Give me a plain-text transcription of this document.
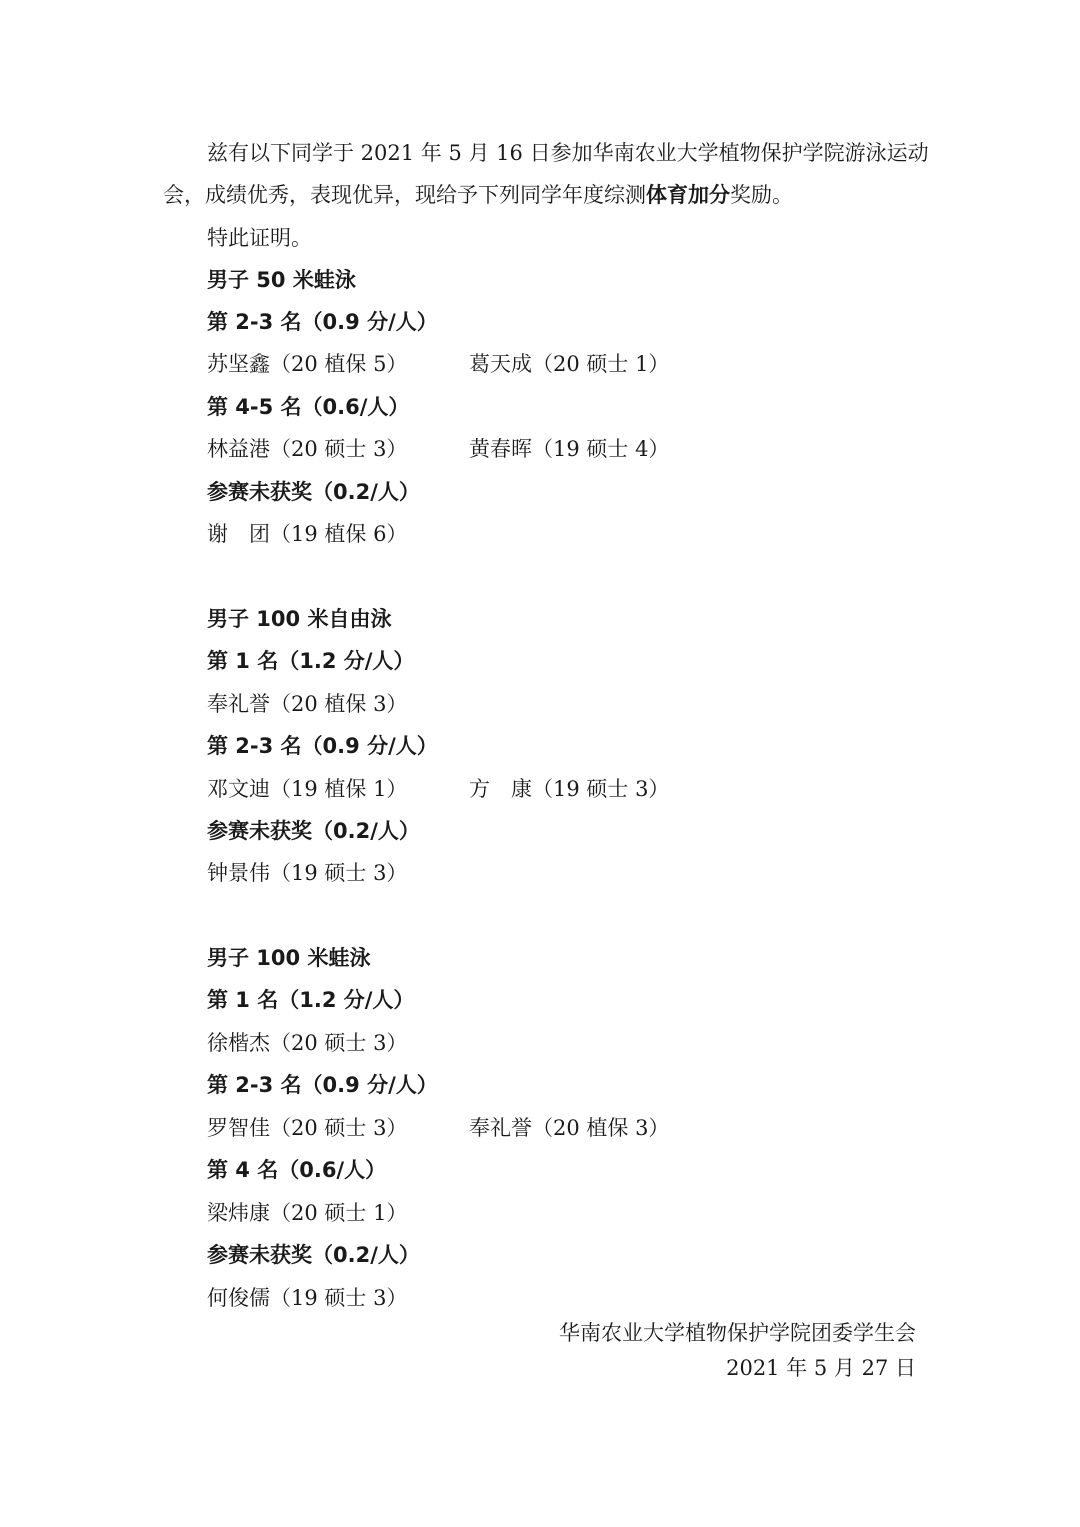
兹有以下同学于 2021 年 5 月 16 日参加华南农业大学植物保护学院游泳运动
会，成绩优秀，表现优异，现给予下列同学年度综测体育加分奖励。
特此证明。
男子 50 米蛙泳
第 2-3 名（0.9 分/人）
苏坚鑫（20 植保 5）	葛天成（20 硕士 1）
第 4-5 名（0.6/人）
林益港（20 硕士 3）	黄春晖（19 硕士 4）
参赛未获奖（0.2/人）
谢　团（19 植保 6）
男子 100 米自由泳
第 1 名（1.2 分/人）
奉礼誉（20 植保 3）
第 2-3 名（0.9 分/人）
邓文迪（19 植保 1）	方　康（19 硕士 3）
参赛未获奖（0.2/人）
钟景伟（19 硕士 3）
男子 100 米蛙泳
第 1 名（1.2 分/人）
徐楷杰（20 硕士 3）
第 2-3 名（0.9 分/人）
罗智佳（20 硕士 3）	奉礼誉（20 植保 3）
第 4 名（0.6/人）
梁炜康（20 硕士 1）
参赛未获奖（0.2/人）
何俊儒（19 硕士 3）
华南农业大学植物保护学院团委学生会
2021 年 5 月 27 日
